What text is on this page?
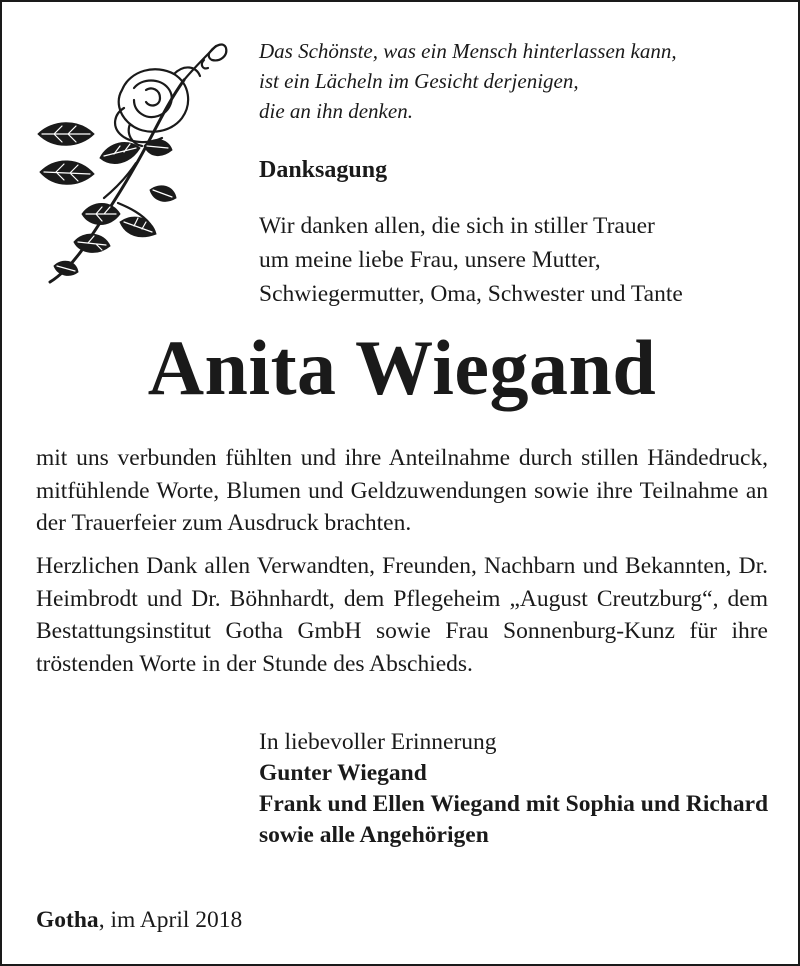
Das Schönste, was ein Mensch hinterlassen kann,
ist ein Lächeln im Gesicht derjenigen,
die an ihn denken.
Danksagung
Wir danken allen, die sich in stiller Trauer
um meine liebe Frau, unsere Mutter,
Schwiegermutter, Oma, Schwester und Tante
Anita Wiegand
mit uns verbunden fühlten und ihre Anteilnahme durch stillen Händedruck, mitfühlende Worte, Blumen und Geldzuwendungen sowie ihre Teilnahme an der Trauerfeier zum Ausdruck brachten.
Herzlichen Dank allen Verwandten, Freunden, Nachbarn und Bekannten, Dr. Heimbrodt und Dr. Böhnhardt, dem Pflegeheim „August Creutzburg“, dem Bestattungsinstitut Gotha GmbH sowie Frau Sonnenburg-Kunz für ihre tröstenden Worte in der Stunde des Abschieds.
In liebevoller Erinnerung
Gunter Wiegand
Frank und Ellen Wiegand mit Sophia und Richard
sowie alle Angehörigen
Gotha, im April 2018
